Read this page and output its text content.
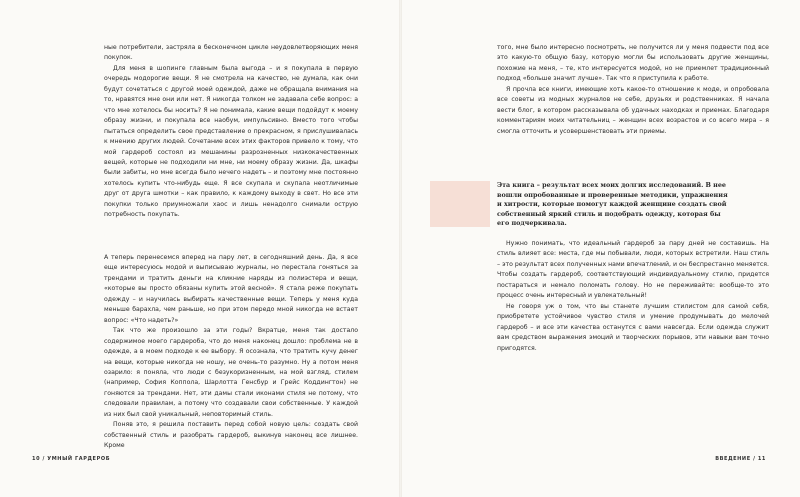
ные потребители, застряла в бесконечном цикле неудовлетворяющих меня покупок.

Для меня в шопинге главным была выгода – и я покупала в первую очередь модорогие вещи. Я не смотрела на качество, не думала, как они будут сочетаться с другой моей одеждой, даже не обращала внимания на то, нравятся мне они или нет. Я никогда толком не задавала себе вопрос: а что мне хотелось бы носить? Я не понимала, какие вещи подойдут к моему образу жизни, и покупала все наобум, импульсивно. Вместо того чтобы пытаться определить свое представление о прекрасном, я прислушивалась к мнению других людей. Сочетание всех этих факторов привело к тому, что мой гардероб состоял из мешанины разрозненных низкокачественных вещей, которые не подходили ни мне, ни моему образу жизни. Да, шкафы были забиты, но мне всегда было нечего надеть – и поэтому мне постоянно хотелось купить что-нибудь еще. Я все скупала и скупала неотличимые друг от друга шмотки – как правило, к каждому выходу в свет. Но все эти покупки только приумножали хаос и лишь ненадолго снимали острую потребность покупать.

А теперь перенесемся вперед на пару лет, в сегодняшний день. Да, я все еще интересуюсь модой и выписываю журналы, но перестала гоняться за трендами и тратить деньги на кликние наряды из полиэстера и вещи, «которые вы просто обязаны купить этой весной». Я стала реже покупать одежду – и научилась выбирать качественные вещи. Теперь у меня куда меньше барахла, чем раньше, но при этом передо мной никогда не встает вопрос: «Что надеть?»

Так что же произошло за эти годы? Вкратце, меня так достало содержимое моего гардероба, что до меня наконец дошло: проблема не в одежде, а в моем подходе к ее выбору. Я осознала, что тратить кучу денег на вещи, которые никогда не ношу, не очень-то разумно. Ну а потом меня озарило: я поняла, что люди с безукоризненным, на мой взгляд, стилем (например, София Коппола, Шарлотта Генсбур и Грейс Коддингтон) не гоняются за трендами. Нет, эти дамы стали иконами стиля не потому, что следовали правилам, а потому что создавали свои собственные. У каждой из них был свой уникальный, неповторимый стиль.

Поняв это, я решила поставить перед собой новую цель: создать свой собственный стиль и разобрать гардероб, выкинув наконец все лишнее. Кроме

того, мне было интересно посмотреть, не получится ли у меня подвести под все это какую-то общую базу, которую могли бы использовать другие женщины, похожие на меня, – те, кто интересуется модой, но не приемлет традиционный подход «больше значит лучше». Так что я приступила к работе.

Я прочла все книги, имеющие хоть какое-то отношение к моде, и опробовала все советы из модных журналов не себе, друзьях и родственниках. Я начала вести блог, в котором рассказывала об удачных находках и приемах. Благодаря комментариям моих читательниц – женщин всех возрастов и со всего мира – я смогла отточить и усовершенствовать эти приемы.

Эта книга – результат всех моих долгих исследований. В нее вошли опробованные и проверенные методики, упражнения и хитрости, которые помогут каждой женщине создать свой собственный яркий стиль и подобрать одежду, которая бы его подчеркивала.

Нужно понимать, что идеальный гардероб за пару дней не составишь. На стиль влияет все: места, где мы побывали, люди, которых встретили. Наш стиль – это результат всех полученных нами впечатлений, и он беспрестанно меняется. Чтобы создать гардероб, соответствующий индивидуальному стилю, придется постараться и немало поломать голову. Но не переживайте: вообще-то это процесс очень интересный и увлекательный!

Не говоря уж о том, что вы станете лучшим стилистом для самой себя, приобретете устойчивое чувство стиля и умение продумывать до мелочей гардероб – и все эти качества останутся с вами навсегда. Если одежда служит вам средством выражения эмоций и творческих порывов, эти навыки вам точно пригодятся.

10 / УМНЫЙ ГАРДЕРОБ	ВВЕДЕНИЕ / 11
